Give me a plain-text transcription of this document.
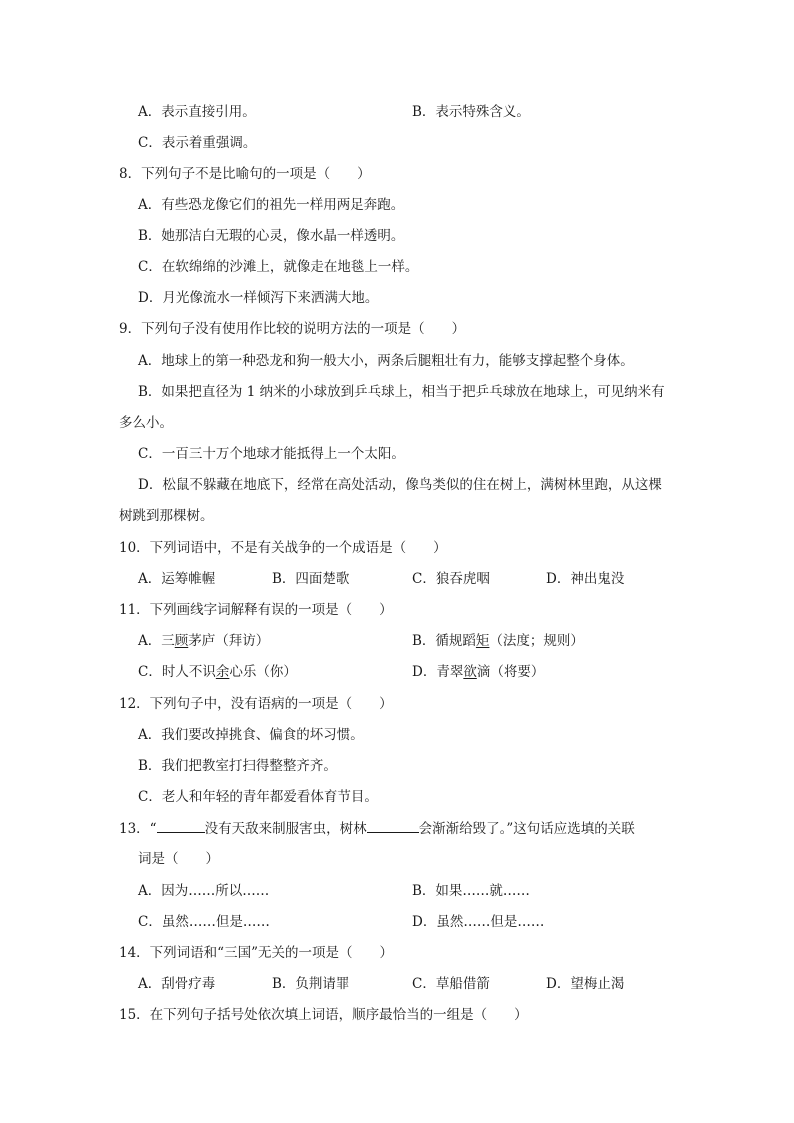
A．表示直接引用。	B．表示特殊含义。
C．表示着重强调。
8．下列句子不是比喻句的一项是（　　）
A．有些恐龙像它们的祖先一样用两足奔跑。
B．她那洁白无瑕的心灵，像水晶一样透明。
C．在软绵绵的沙滩上，就像走在地毯上一样。
D．月光像流水一样倾泻下来洒满大地。
9．下列句子没有使用作比较的说明方法的一项是（　　）
A．地球上的第一种恐龙和狗一般大小，两条后腿粗壮有力，能够支撑起整个身体。
B．如果把直径为 1 纳米的小球放到乒乓球上，相当于把乒乓球放在地球上，可见纳米有
多么小。
C．一百三十万个地球才能抵得上一个太阳。
D．松鼠不躲藏在地底下，经常在高处活动，像鸟类似的住在树上，满树林里跑，从这棵
树跳到那棵树。
10．下列词语中，不是有关战争的一个成语是（　　）
A．运筹帷幄	B．四面楚歌	C．狼吞虎咽	D．神出鬼没
11．下列画线字词解释有误的一项是（　　）
A．三顾茅庐（拜访）	B．循规蹈矩（法度；规则）
C．时人不识余心乐（你）	D．青翠欲滴（将要）
12．下列句子中，没有语病的一项是（　　）
A．我们要改掉挑食、偏食的坏习惯。
B．我们把教室打扫得整整齐齐。
C．老人和年轻的青年都爱看体育节目。
13．“	没有天敌来制服害虫，树林	会渐渐给毁了。”这句话应选填的关联
词是（　　）
A．因为……所以……	B．如果……就……
C．虽然……但是……	D．虽然……但是……
14．下列词语和“三国”无关的一项是（　　）
A．刮骨疗毒	B．负荆请罪	C．草船借箭	D．望梅止渴
15．在下列句子括号处依次填上词语，顺序最恰当的一组是（　　）
